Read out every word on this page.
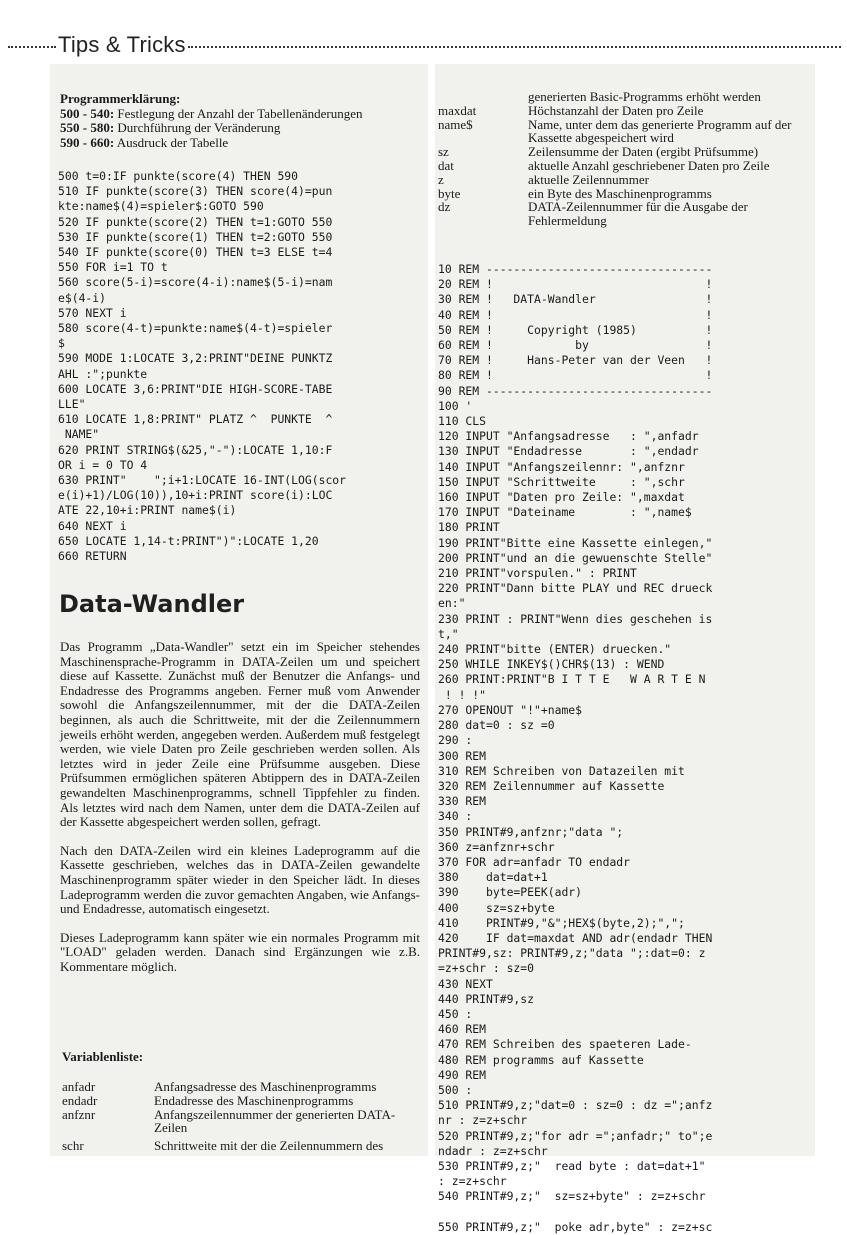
Tips & Tricks
Programmerklärung:
500 - 540: Festlegung der Anzahl der Tabellenänderungen
550 - 580: Durchführung der Veränderung
590 - 660: Ausdruck der Tabelle
500 t=0:IF punkte(score(4) THEN 590
510 IF punkte(score(3) THEN score(4)=pun
kte:name$(4)=spieler$:GOTO 590
520 IF punkte(score(2) THEN t=1:GOTO 550
530 IF punkte(score(1) THEN t=2:GOTO 550
540 IF punkte(score(0) THEN t=3 ELSE t=4
550 FOR i=1 TO t
560 score(5-i)=score(4-i):name$(5-i)=nam
e$(4-i)
570 NEXT i
580 score(4-t)=punkte:name$(4-t)=spieler
$
590 MODE 1:LOCATE 3,2:PRINT"DEINE PUNKTZ
AHL :";punkte
600 LOCATE 3,6:PRINT"DIE HIGH-SCORE-TABE
LLE"
610 LOCATE 1,8:PRINT" PLATZ ^  PUNKTE  ^
NAME"
620 PRINT STRING$(&25,"-"):LOCATE 1,10:F
OR i = 0 TO 4
630 PRINT"    ";i+1:LOCATE 16-INT(LOG(scor
e(i)+1)/LOG(10)),10+i:PRINT score(i):LOC
ATE 22,10+i:PRINT name$(i)
640 NEXT i
650 LOCATE 1,14-t:PRINT")":LOCATE 1,20
660 RETURN
Data-Wandler

Das Programm „Data-Wandler" setzt ein im Speicher stehendes Maschinensprache-Programm in DATA-Zeilen um und speichert diese auf Kassette. Zunächst muß der Benutzer die Anfangs- und Endadresse des Programms angeben. Ferner muß vom Anwender sowohl die Anfangszeilennummer, mit der die DATA-Zeilen beginnen, als auch die Schrittweite, mit der die Zeilennummern jeweils erhöht werden, angegeben werden. Außerdem muß festgelegt werden, wie viele Daten pro Zeile geschrieben werden sollen. Als letztes wird in jeder Zeile eine Prüfsumme ausgeben. Diese Prüfsummen ermöglichen späteren Abtippern des in DATA-Zeilen gewandelten Maschinenprogramms, schnell Tippfehler zu finden. Als letztes wird nach dem Namen, unter dem die DATA-Zeilen auf der Kassette abgespeichert werden sollen, gefragt.

Nach den DATA-Zeilen wird ein kleines Ladeprogramm auf die Kassette geschrieben, welches das in DATA-Zeilen gewandelte Maschinenprogramm später wieder in den Speicher lädt. In dieses Ladeprogramm werden die zuvor gemachten Angaben, wie Anfangs- und Endadresse, automatisch eingesetzt.

Dieses Ladeprogramm kann später wie ein normales Programm mit "LOAD" geladen werden. Danach sind Ergänzungen wie z.B. Kommentare möglich.

Variablenliste:
anfadr	Anfangsadresse des Maschinenprogramms
endadr	Endadresse des Maschinenprogramms
anfznr	Anfangszeilennummer der generierten DATA-Zeilen
schr	Schrittweite mit der die Zeilennummern des
generierten Basic-Programms erhöht werden
maxdat	Höchstanzahl der Daten pro Zeile
name$	Name, unter dem das generierte Programm auf der Kassette abgespeichert wird
sz	Zeilensumme der Daten (ergibt Prüfsumme)
dat	aktuelle Anzahl geschriebener Daten pro Zeile
z	aktuelle Zeilennummer
byte	ein Byte des Maschinenprogramms
dz	DATA-Zeilennummer für die Ausgabe der Fehlermeldung
10 REM ---------------------------------
20 REM !                               !
30 REM !   DATA-Wandler                !
40 REM !                               !
50 REM !     Copyright (1985)          !
60 REM !            by                 !
70 REM !     Hans-Peter van der Veen   !
80 REM !                               !
90 REM ---------------------------------
100 '
110 CLS
120 INPUT "Anfangsadresse   : ",anfadr
130 INPUT "Endadresse       : ",endadr
140 INPUT "Anfangszeilennr: ",anfznr
150 INPUT "Schrittweite     : ",schr
160 INPUT "Daten pro Zeile: ",maxdat
170 INPUT "Dateiname        : ",name$
180 PRINT
190 PRINT"Bitte eine Kassette einlegen,"
200 PRINT"und an die gewuenschte Stelle"
210 PRINT"vorspulen." : PRINT
220 PRINT"Dann bitte PLAY und REC drueck
en:"
230 PRINT : PRINT"Wenn dies geschehen is
t,"
240 PRINT"bitte (ENTER) druecken."
250 WHILE INKEY$()CHR$(13) : WEND
260 PRINT:PRINT"B I T T E   W A R T E N
! ! !"
270 OPENOUT "!"+name$
280 dat=0 : sz =0
290 :
300 REM
310 REM Schreiben von Datazeilen mit
320 REM Zeilennummer auf Kassette
330 REM
340 :
350 PRINT#9,anfznr;"data ";
360 z=anfznr+schr
370 FOR adr=anfadr TO endadr
380    dat=dat+1
390    byte=PEEK(adr)
400    sz=sz+byte
410    PRINT#9,"&";HEX$(byte,2);",";
420    IF dat=maxdat AND adr(endadr THEN
PRINT#9,sz: PRINT#9,z;"data ";:dat=0: z
=z+schr : sz=0
430 NEXT
440 PRINT#9,sz
450 :
460 REM
470 REM Schreiben des spaeteren Lade-
480 REM programms auf Kassette
490 REM
500 :
510 PRINT#9,z;"dat=0 : sz=0 : dz =";anfz
nr : z=z+schr
520 PRINT#9,z;"for adr =";anfadr;" to";e
ndadr : z=z+schr
530 PRINT#9,z;"  read byte : dat=dat+1"
: z=z+schr
540 PRINT#9,z;"  sz=sz+byte" : z=z+schr

550 PRINT#9,z;"  poke adr,byte" : z=z+sc
